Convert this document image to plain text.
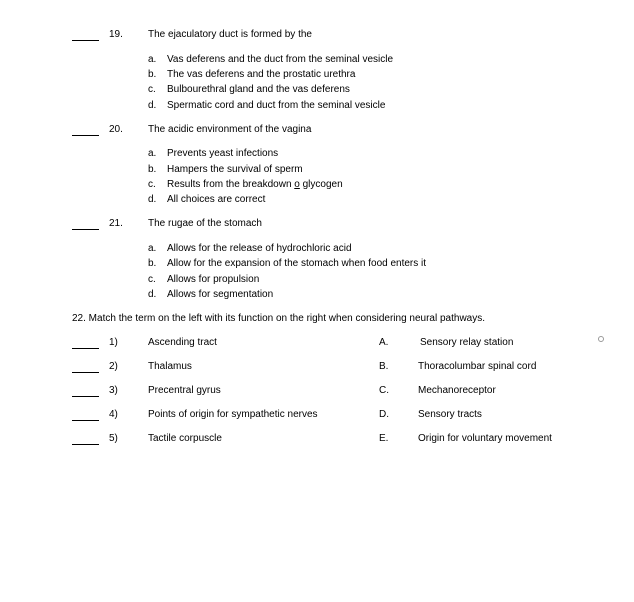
19.	The ejaculatory duct is formed by the
a. Vas deferens and the duct from the seminal vesicle
b. The vas deferens and the prostatic urethra
c. Bulbourethral gland and the vas deferens
d. Spermatic cord and duct from the seminal vesicle
20.	The acidic environment of the vagina
a. Prevents yeast infections
b. Hampers the survival of sperm
c. Results from the breakdown o glycogen
d. All choices are correct
21.	The rugae of the stomach
a. Allows for the release of hydrochloric acid
b. Allow for the expansion of the stomach when food enters it
c. Allows for propulsion
d. Allows for segmentation
22. Match the term on the left with its function on the right when considering neural pathways.
1)	Ascending tract	A.	Sensory relay station
2)	Thalamus	B.	Thoracolumbar spinal cord
3)	Precentral gyrus	C.	Mechanoreceptor
4)	Points of origin for sympathetic nerves	D.	Sensory tracts
5)	Tactile corpuscle	E.	Origin for voluntary movement
